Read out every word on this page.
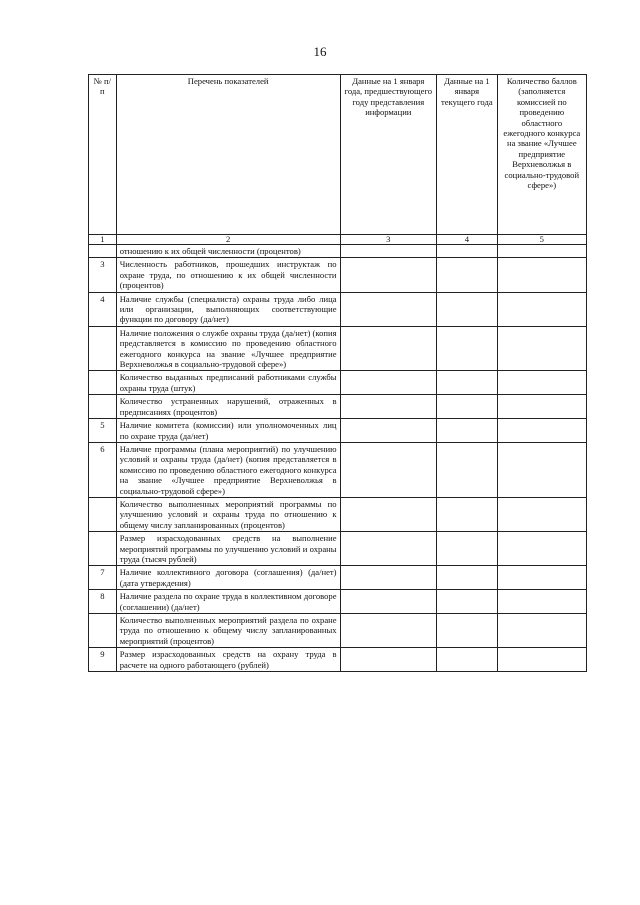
16
№ п/п	Перечень показателей	Данные на 1 января года, предшествующего году представления информации	Данные на 1 января текущего года	Количество баллов (заполняется комиссией по проведению областного ежегодного конкурса на звание «Лучшее предприятие Верхневолжья в социально-трудовой сфере»)
1	2	3	4	5
	отношению к их общей численности (процентов)			
3	Численность работников, прошедших инструктаж по охране труда, по отношению к их общей численности (процентов)			
4	Наличие службы (специалиста) охраны труда либо лица или организации, выполняющих соответствующие функции по договору (да/нет)			
	Наличие положения о службе охраны труда (да/нет) (копия представляется в комиссию по проведению областного ежегодного конкурса на звание «Лучшее предприятие Верхневолжья в социально-трудовой сфере»)			
	Количество выданных предписаний работниками службы охраны труда (штук)			
	Количество устраненных нарушений, отраженных в предписаниях (процентов)			
5	Наличие комитета (комиссии) или уполномоченных лиц по охране труда (да/нет)			
6	Наличие программы (плана мероприятий) по улучшению условий и охраны труда (да/нет) (копия представляется в комиссию по проведению областного ежегодного конкурса на звание «Лучшее предприятие Верхневолжья в социально-трудовой сфере»)			
	Количество выполненных мероприятий программы по улучшению условий и охраны труда по отношению к общему числу запланированных (процентов)			
	Размер израсходованных средств на выполнение мероприятий программы по улучшению условий и охраны труда (тысяч рублей)			
7	Наличие коллективного договора (соглашения) (да/нет) (дата утверждения)			
8	Наличие раздела по охране труда в коллективном договоре (соглашении) (да/нет)			
	Количество выполненных мероприятий раздела по охране труда по отношению к общему числу запланированных мероприятий (процентов)			
9	Размер израсходованных средств на охрану труда в расчете на одного работающего (рублей)			
